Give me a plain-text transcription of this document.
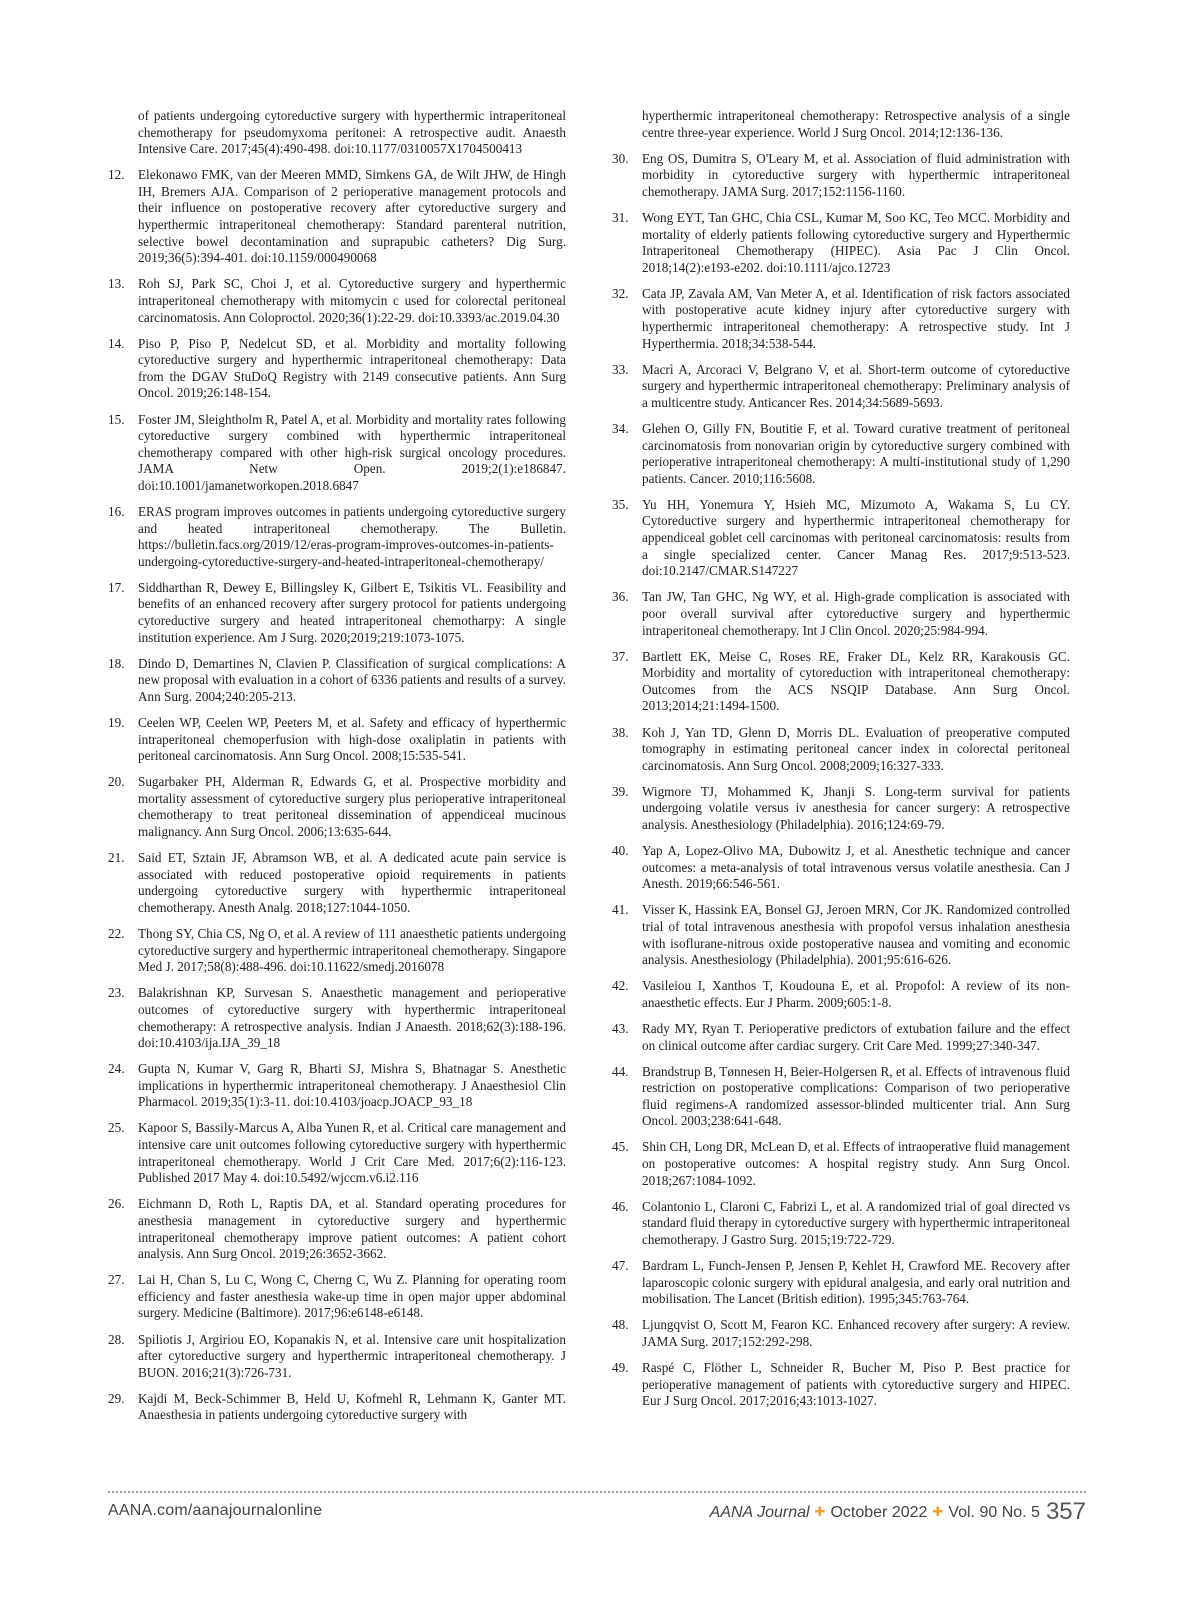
of patients undergoing cytoreductive surgery with hyperthermic intraperitoneal chemotherapy for pseudomyxoma peritonei: A retrospective audit. Anaesth Intensive Care. 2017;45(4):490-498. doi:10.1177/0310057X1704500413
12.	Elekonawo FMK, van der Meeren MMD, Simkens GA, de Wilt JHW, de Hingh IH, Bremers AJA. Comparison of 2 perioperative management protocols and their influence on postoperative recovery after cytoreductive surgery and hyperthermic intraperitoneal chemotherapy: Standard parenteral nutrition, selective bowel decontamination and suprapubic catheters? Dig Surg. 2019;36(5):394-401. doi:10.1159/000490068
13.	Roh SJ, Park SC, Choi J, et al. Cytoreductive surgery and hyperthermic intraperitoneal chemotherapy with mitomycin c used for colorectal peritoneal carcinomatosis. Ann Coloproctol. 2020;36(1):22-29. doi:10.3393/ac.2019.04.30
14.	Piso P, Piso P, Nedelcut SD, et al. Morbidity and mortality following cytoreductive surgery and hyperthermic intraperitoneal chemotherapy: Data from the DGAV StuDoQ Registry with 2149 consecutive patients. Ann Surg Oncol. 2019;26:148-154.
15.	Foster JM, Sleightholm R, Patel A, et al. Morbidity and mortality rates following cytoreductive surgery combined with hyperthermic intraperitoneal chemotherapy compared with other high-risk surgical oncology procedures. JAMA Netw Open. 2019;2(1):e186847. doi:10.1001/jamanetworkopen.2018.6847
16.	ERAS program improves outcomes in patients undergoing cytoreductive surgery and heated intraperitoneal chemotherapy. The Bulletin. https://bulletin.facs.org/2019/12/eras-program-improves-outcomes-in-patients-undergoing-cytoreductive-surgery-and-heated-intraperitoneal-chemotherapy/
17.	Siddharthan R, Dewey E, Billingsley K, Gilbert E, Tsikitis VL. Feasibility and benefits of an enhanced recovery after surgery protocol for patients undergoing cytoreductive surgery and heated intraperitoneal chemotharpy: A single institution experience. Am J Surg. 2020;2019;219:1073-1075.
18.	Dindo D, Demartines N, Clavien P. Classification of surgical complications: A new proposal with evaluation in a cohort of 6336 patients and results of a survey. Ann Surg. 2004;240:205-213.
19.	Ceelen WP, Ceelen WP, Peeters M, et al. Safety and efficacy of hyperthermic intraperitoneal chemoperfusion with high-dose oxaliplatin in patients with peritoneal carcinomatosis. Ann Surg Oncol. 2008;15:535-541.
20.	Sugarbaker PH, Alderman R, Edwards G, et al. Prospective morbidity and mortality assessment of cytoreductive surgery plus perioperative intraperitoneal chemotherapy to treat peritoneal dissemination of appendiceal mucinous malignancy. Ann Surg Oncol. 2006;13:635-644.
21.	Said ET, Sztain JF, Abramson WB, et al. A dedicated acute pain service is associated with reduced postoperative opioid requirements in patients undergoing cytoreductive surgery with hyperthermic intraperitoneal chemotherapy. Anesth Analg. 2018;127:1044-1050.
22.	Thong SY, Chia CS, Ng O, et al. A review of 111 anaesthetic patients undergoing cytoreductive surgery and hyperthermic intraperitoneal chemotherapy. Singapore Med J. 2017;58(8):488-496. doi:10.11622/smedj.2016078
23.	Balakrishnan KP, Survesan S. Anaesthetic management and perioperative outcomes of cytoreductive surgery with hyperthermic intraperitoneal chemotherapy: A retrospective analysis. Indian J Anaesth. 2018;62(3):188-196. doi:10.4103/ija.IJA_39_18
24.	Gupta N, Kumar V, Garg R, Bharti SJ, Mishra S, Bhatnagar S. Anesthetic implications in hyperthermic intraperitoneal chemotherapy. J Anaesthesiol Clin Pharmacol. 2019;35(1):3-11. doi:10.4103/joacp.JOACP_93_18
25.	Kapoor S, Bassily-Marcus A, Alba Yunen R, et al. Critical care management and intensive care unit outcomes following cytoreductive surgery with hyperthermic intraperitoneal chemotherapy. World J Crit Care Med. 2017;6(2):116-123. Published 2017 May 4. doi:10.5492/wjccm.v6.i2.116
26.	Eichmann D, Roth L, Raptis DA, et al. Standard operating procedures for anesthesia management in cytoreductive surgery and hyperthermic intraperitoneal chemotherapy improve patient outcomes: A patient cohort analysis. Ann Surg Oncol. 2019;26:3652-3662.
27.	Lai H, Chan S, Lu C, Wong C, Cherng C, Wu Z. Planning for operating room efficiency and faster anesthesia wake-up time in open major upper abdominal surgery. Medicine (Baltimore). 2017;96:e6148-e6148.
28.	Spiliotis J, Argiriou EO, Kopanakis N, et al. Intensive care unit hospitalization after cytoreductive surgery and hyperthermic intraperitoneal chemotherapy. J BUON. 2016;21(3):726-731.
29.	Kajdi M, Beck-Schimmer B, Held U, Kofmehl R, Lehmann K, Ganter MT. Anaesthesia in patients undergoing cytoreductive surgery with
hyperthermic intraperitoneal chemotherapy: Retrospective analysis of a single centre three-year experience. World J Surg Oncol. 2014;12:136-136.
30.	Eng OS, Dumitra S, O'Leary M, et al. Association of fluid administration with morbidity in cytoreductive surgery with hyperthermic intraperitoneal chemotherapy. JAMA Surg. 2017;152:1156-1160.
31.	Wong EYT, Tan GHC, Chia CSL, Kumar M, Soo KC, Teo MCC. Morbidity and mortality of elderly patients following cytoreductive surgery and Hyperthermic Intraperitoneal Chemotherapy (HIPEC). Asia Pac J Clin Oncol. 2018;14(2):e193-e202. doi:10.1111/ajco.12723
32.	Cata JP, Zavala AM, Van Meter A, et al. Identification of risk factors associated with postoperative acute kidney injury after cytoreductive surgery with hyperthermic intraperitoneal chemotherapy: A retrospective study. Int J Hyperthermia. 2018;34:538-544.
33.	Macrì A, Arcoraci V, Belgrano V, et al. Short-term outcome of cytoreductive surgery and hyperthermic intraperitoneal chemotherapy: Preliminary analysis of a multicentre study. Anticancer Res. 2014;34:5689-5693.
34.	Glehen O, Gilly FN, Boutitie F, et al. Toward curative treatment of peritoneal carcinomatosis from nonovarian origin by cytoreductive surgery combined with perioperative intraperitoneal chemotherapy: A multi-institutional study of 1,290 patients. Cancer. 2010;116:5608.
35.	Yu HH, Yonemura Y, Hsieh MC, Mizumoto A, Wakama S, Lu CY. Cytoreductive surgery and hyperthermic intraperitoneal chemotherapy for appendiceal goblet cell carcinomas with peritoneal carcinomatosis: results from a single specialized center. Cancer Manag Res. 2017;9:513-523. doi:10.2147/CMAR.S147227
36.	Tan JW, Tan GHC, Ng WY, et al. High-grade complication is associated with poor overall survival after cytoreductive surgery and hyperthermic intraperitoneal chemotherapy. Int J Clin Oncol. 2020;25:984-994.
37.	Bartlett EK, Meise C, Roses RE, Fraker DL, Kelz RR, Karakousis GC. Morbidity and mortality of cytoreduction with intraperitoneal chemotherapy: Outcomes from the ACS NSQIP Database. Ann Surg Oncol. 2013;2014;21:1494-1500.
38.	Koh J, Yan TD, Glenn D, Morris DL. Evaluation of preoperative computed tomography in estimating peritoneal cancer index in colorectal peritoneal carcinomatosis. Ann Surg Oncol. 2008;2009;16:327-333.
39.	Wigmore TJ, Mohammed K, Jhanji S. Long-term survival for patients undergoing volatile versus iv anesthesia for cancer surgery: A retrospective analysis. Anesthesiology (Philadelphia). 2016;124:69-79.
40.	Yap A, Lopez-Olivo MA, Dubowitz J, et al. Anesthetic technique and cancer outcomes: a meta-analysis of total intravenous versus volatile anesthesia. Can J Anesth. 2019;66:546-561.
41.	Visser K, Hassink EA, Bonsel GJ, Jeroen MRN, Cor JK. Randomized controlled trial of total intravenous anesthesia with propofol versus inhalation anesthesia with isoflurane-nitrous oxide postoperative nausea and vomiting and economic analysis. Anesthesiology (Philadelphia). 2001;95:616-626.
42.	Vasileiou I, Xanthos T, Koudouna E, et al. Propofol: A review of its non-anaesthetic effects. Eur J Pharm. 2009;605:1-8.
43.	Rady MY, Ryan T. Perioperative predictors of extubation failure and the effect on clinical outcome after cardiac surgery. Crit Care Med. 1999;27:340-347.
44.	Brandstrup B, Tønnesen H, Beier-Holgersen R, et al. Effects of intravenous fluid restriction on postoperative complications: Comparison of two perioperative fluid regimens-A randomized assessor-blinded multicenter trial. Ann Surg Oncol. 2003;238:641-648.
45.	Shin CH, Long DR, McLean D, et al. Effects of intraoperative fluid management on postoperative outcomes: A hospital registry study. Ann Surg Oncol. 2018;267:1084-1092.
46.	Colantonio L, Claroni C, Fabrizi L, et al. A randomized trial of goal directed vs standard fluid therapy in cytoreductive surgery with hyperthermic intraperitoneal chemotherapy. J Gastro Surg. 2015;19:722-729.
47.	Bardram L, Funch-Jensen P, Jensen P, Kehlet H, Crawford ME. Recovery after laparoscopic colonic surgery with epidural analgesia, and early oral nutrition and mobilisation. The Lancet (British edition). 1995;345:763-764.
48.	Ljungqvist O, Scott M, Fearon KC. Enhanced recovery after surgery: A review. JAMA Surg. 2017;152:292-298.
49.	Raspé C, Flöther L, Schneider R, Bucher M, Piso P. Best practice for perioperative management of patients with cytoreductive surgery and HIPEC. Eur J Surg Oncol. 2017;2016;43:1013-1027.
AANA.com/aanajournalonline	AANA Journal ✚ October 2022 ✚ Vol. 90 No. 5 357
